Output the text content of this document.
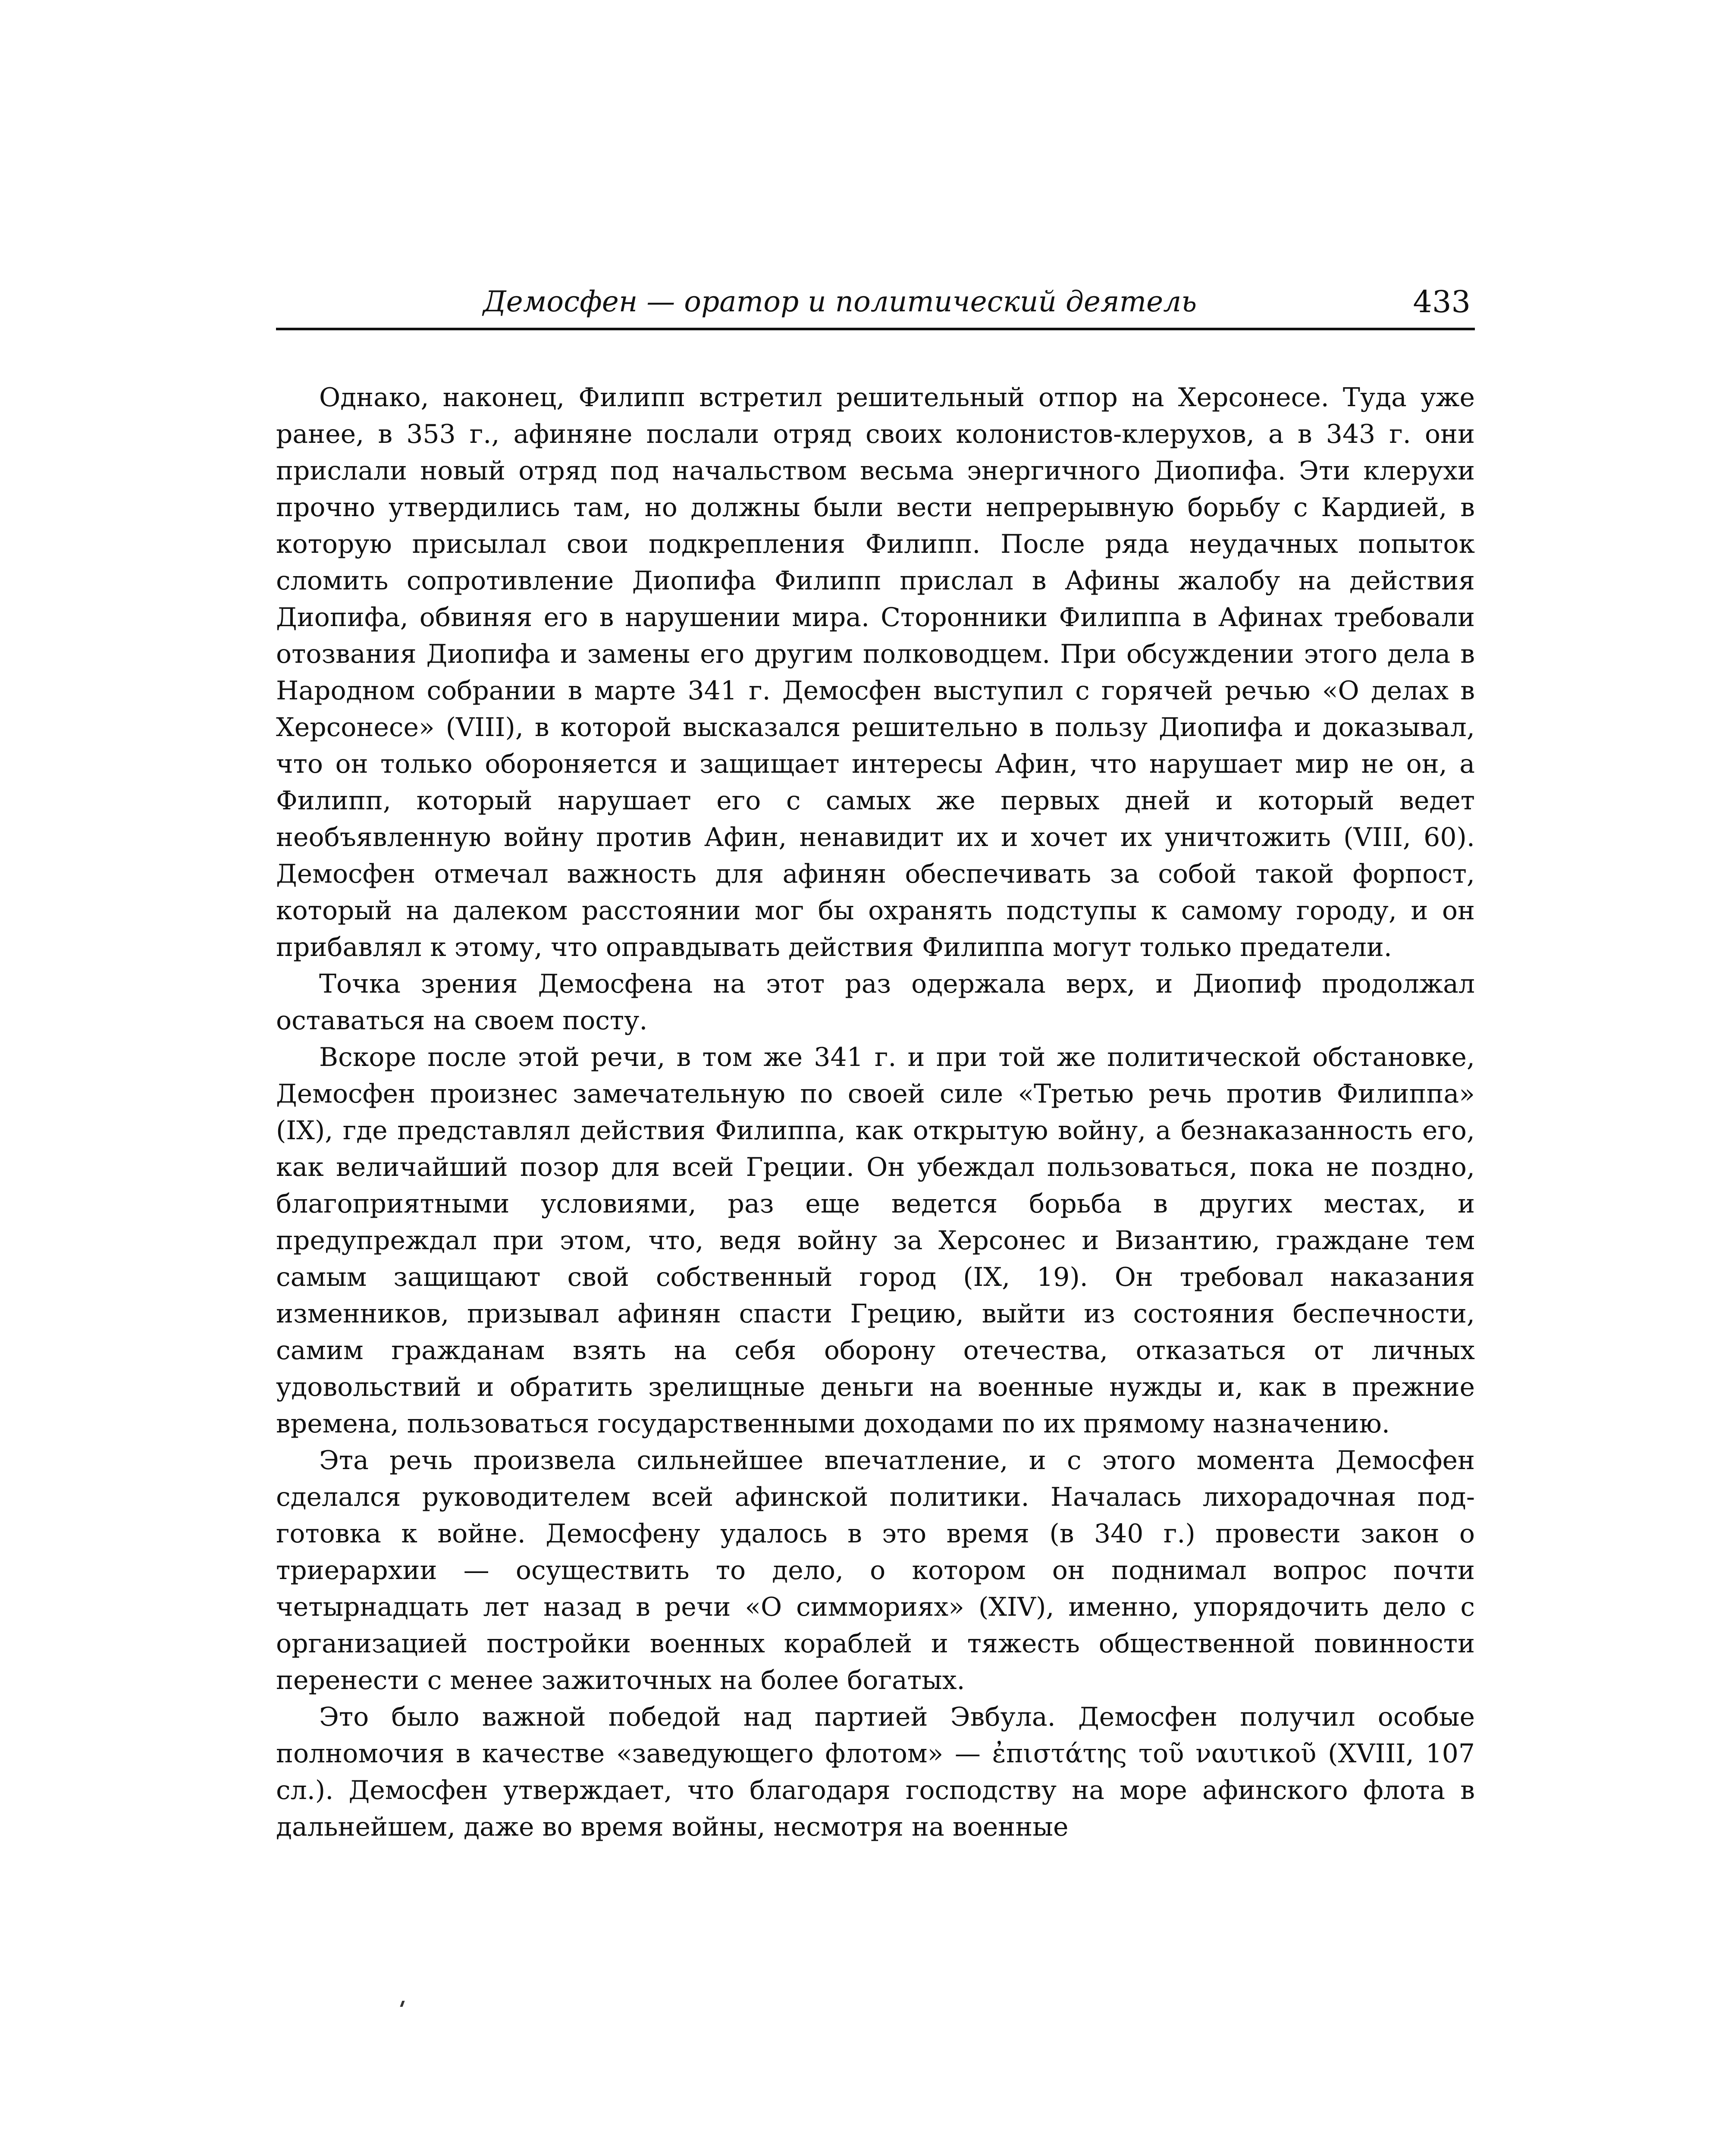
Демосфен — оратор и политический деятель	433

Однако, наконец, Филипп встретил решительный отпор на Херсонесе. Туда уже ранее, в 353 г., афиняне послали отряд своих колонистов-клерухов, а в 343 г. они прислали новый отряд под начальством весьма энергичного Диопифа. Эти клерухи прочно утвердились там, но должны были вести непрерывную борьбу с Кардией, в которую присылал свои подкрепления Филипп. После ряда неудачных попыток сломить сопротивление Диопифа Филипп прислал в Афины жалобу на действия Диопифа, обвиняя его в нарушении мира. Сторонники Филиппа в Афинах требовали отозвания Диопифа и замены его другим полководцем. При обсуждении этого дела в Народном собрании в марте 341 г. Демосфен выступил с горячей речью «О делах в Херсонесе» (VIII), в которой высказался решительно в пользу Диопифа и доказывал, что он только обороняется и защищает интересы Афин, что нарушает мир не он, а Филипп, который нарушает его с самых же первых дней и который ведет необъявленную войну против Афин, ненавидит их и хочет их уничтожить (VIII, 60). Демосфен отмечал важность для афинян обеспечивать за собой такой форпост, который на далеком расстоянии мог бы охранять подступы к самому городу, и он прибавлял к этому, что оправдывать действия Филиппа могут только предатели.

Точка зрения Демосфена на этот раз одержала верх, и Диопиф продолжал оставаться на своем посту.

Вскоре после этой речи, в том же 341 г. и при той же политической обстановке, Демосфен произнес замечательную по своей силе «Третью речь против Филиппа» (IX), где представлял действия Филиппа, как открытую войну, а безнаказанность его, как величайший позор для всей Греции. Он убеждал пользоваться, пока не поздно, благоприятными условиями, раз еще ведется борьба в других местах, и предупреждал при этом, что, ведя войну за Херсонес и Византию, граждане тем самым защищают свой собственный город (IX, 19). Он требовал наказания изменников, призывал афинян спасти Грецию, выйти из состояния беспечности, самим гражданам взять на себя оборону отечества, отказаться от личных удовольствий и обратить зрелищные деньги на военные нужды и, как в прежние времена, пользоваться государственными доходами по их прямому назначению.

Эта речь произвела сильнейшее впечатление, и с этого момента Демосфен сделался руководителем всей афинской политики. Началась лихорадочная подготовка к войне. Демосфену удалось в это время (в 340 г.) провести закон о триерархии — осуществить то дело, о котором он поднимал вопрос почти четырнадцать лет назад в речи «О симмориях» (XIV), именно, упорядочить дело с организацией постройки военных кораблей и тяжесть общественной повинности перенести с менее зажиточных на более богатых.

Это было важной победой над партией Эвбула. Демосфен получил особые полномочия в качестве «заведующего флотом» — ἐπιστάτης τοῦ ναυτικοῦ (XVIII, 107 сл.). Демосфен утверждает, что благодаря господству на море афинского флота в дальнейшем, даже во время войны, несмотря на военные
